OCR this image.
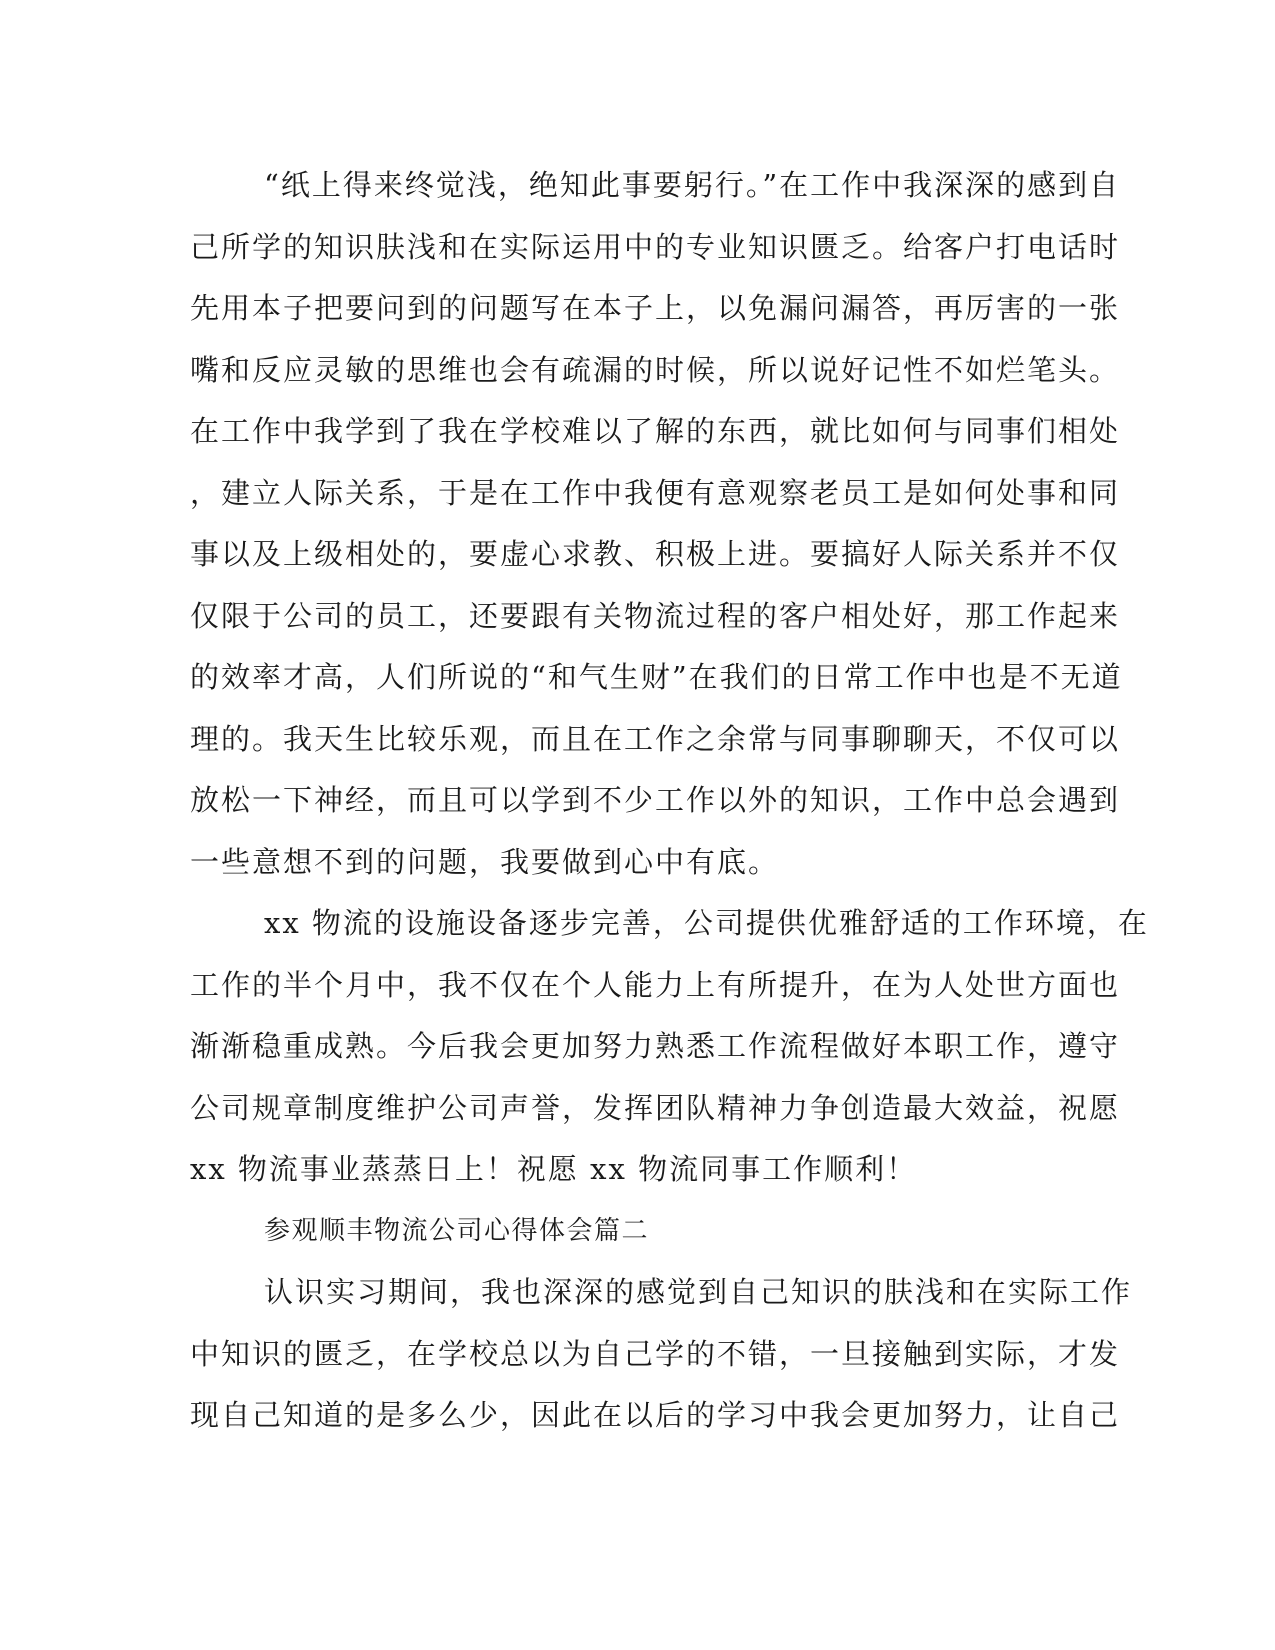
“纸上得来终觉浅，绝知此事要躬行。”在工作中我深深的感到自
己所学的知识肤浅和在实际运用中的专业知识匮乏。给客户打电话时
先用本子把要问到的问题写在本子上，以免漏问漏答，再厉害的一张
嘴和反应灵敏的思维也会有疏漏的时候，所以说好记性不如烂笔头。
在工作中我学到了我在学校难以了解的东西，就比如何与同事们相处
，建立人际关系，于是在工作中我便有意观察老员工是如何处事和同
事以及上级相处的，要虚心求教、积极上进。要搞好人际关系并不仅
仅限于公司的员工，还要跟有关物流过程的客户相处好，那工作起来
的效率才高，人们所说的“和气生财”在我们的日常工作中也是不无道
理的。我天生比较乐观，而且在工作之余常与同事聊聊天，不仅可以
放松一下神经，而且可以学到不少工作以外的知识，工作中总会遇到
一些意想不到的问题，我要做到心中有底。
xx 物流的设施设备逐步完善，公司提供优雅舒适的工作环境，在
工作的半个月中，我不仅在个人能力上有所提升，在为人处世方面也
渐渐稳重成熟。今后我会更加努力熟悉工作流程做好本职工作，遵守
公司规章制度维护公司声誉，发挥团队精神力争创造最大效益，祝愿
xx 物流事业蒸蒸日上！祝愿 xx 物流同事工作顺利！
参观顺丰物流公司心得体会篇二
认识实习期间，我也深深的感觉到自己知识的肤浅和在实际工作
中知识的匮乏，在学校总以为自己学的不错，一旦接触到实际，才发
现自己知道的是多么少，因此在以后的学习中我会更加努力，让自己
